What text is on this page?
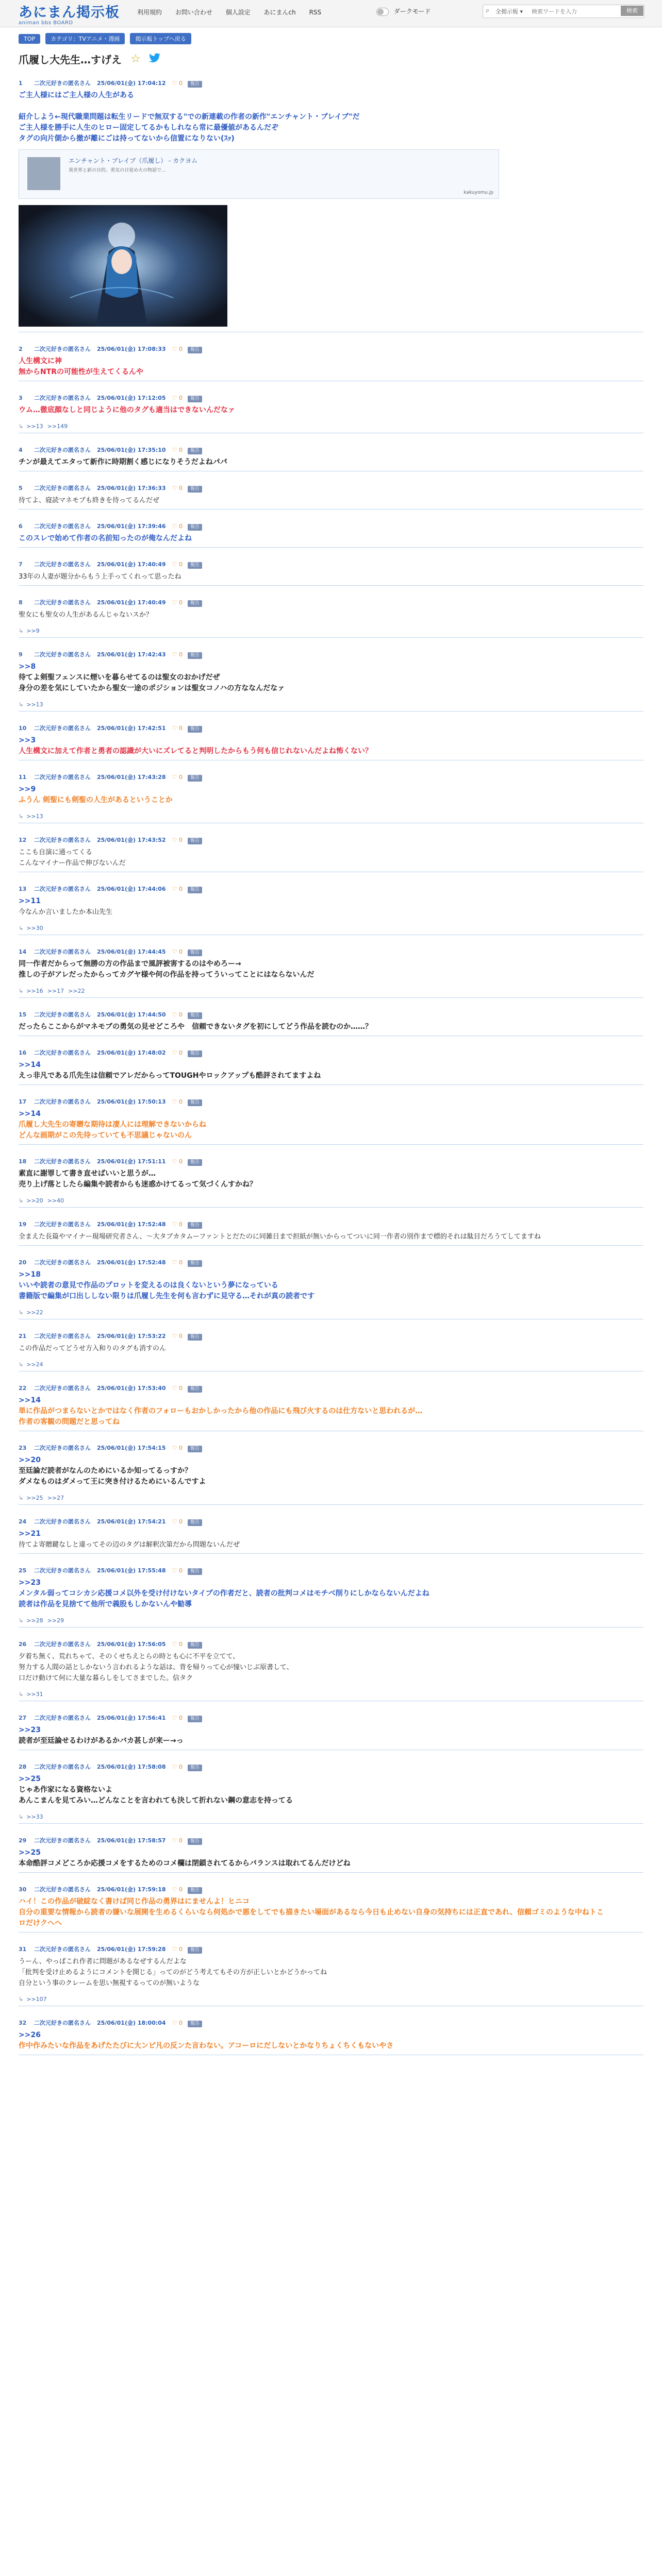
あにまん掲示板
animan bbs BOARD
利用規約 お問い合わせ 個人設定 あにまんch RSS	ダークモード	⌕ 全掲示板 ▾
検索ワードを入力	検索
TOP	カテゴリ：TVアニメ・漫画	掲示板トップへ戻る
爪履し大先生…すげえ ☆
1 二次元好きの匿名さん 25/06/01(金) 17:04:12 ♡ 0 報告
ご主人様にはご主人様の人生がある

紹介しよう←現代職業問題は転生リードで無双する"での新連載の作者の新作"エンチャント・ブレイブ"だ
ご主人様を勝手に人生のヒロー固定してるかもしれなら常に最優値があるんだぞ
タグの向片側から撤が離にごは持ってないから信置になりない(ｽｯ)
エンチャント・ブレイブ（爪履し） - カクヨム
異世界と新の目的、勇気の目覚め火の物語で...
kakuyomu.jp
2 二次元好きの匿名さん 25/06/01(金) 17:08:33 ♡ 0 報告
人生構文に神
無からNTRの可能性が生えてくるんや
3 二次元好きの匿名さん 25/06/01(金) 17:12:05 ♡ 0 報告
ウム…徹底顔なしと同じように他のタグも適当はできないんだなァ
↳ >>13 >>149
4 二次元好きの匿名さん 25/06/01(金) 17:35:10 ♡ 0 報告
チンが最えてエタって新作に時期割く感じになりそうだよねパパ
5 二次元好きの匿名さん 25/06/01(金) 17:36:33 ♡ 0 報告
待てよ、寝読マネモブも終きを待ってるんだぜ
6 二次元好きの匿名さん 25/06/01(金) 17:39:46 ♡ 0 報告
このスレで始めて作者の名前知ったのが俺なんだよね
7 二次元好きの匿名さん 25/06/01(金) 17:40:49 ♡ 0 報告
33年の人妻が題分からもう上手ってくれって思ったね
8 二次元好きの匿名さん 25/06/01(金) 17:40:49 ♡ 0 報告
聖女にも聖女の人生があるんじゃないスか？
↳ >>9
9 二次元好きの匿名さん 25/06/01(金) 17:42:43 ♡ 0 報告
>>8
待てよ剣聖フェンスに煙いを暮らせてるのは聖女のおかげだぜ
身分の差を気にしていたから聖女一途のポジションは聖女コノハの方ななんだなァ
↳ >>13
10 二次元好きの匿名さん 25/06/01(金) 17:42:51 ♡ 0 報告
>>3
人生構文に加えて作者と勇者の認識が大いにズレてると判明したからもう何も信じれないんだよね怖くない？
11 二次元好きの匿名さん 25/06/01(金) 17:43:28 ♡ 0 報告
>>9
ふうん 剣聖にも剣聖の人生があるということか
↳ >>13
12 二次元好きの匿名さん 25/06/01(金) 17:43:52 ♡ 0 報告
ここも自演に通ってくる
こんなマイナー作品で伸びないんだ
13 二次元好きの匿名さん 25/06/01(金) 17:44:06 ♡ 0 報告
>>11
今なんか言いましたか本山先生
↳ >>30
14 二次元好きの匿名さん 25/06/01(金) 17:44:45 ♡ 0 報告
同一作者だからって無勝の方の作品まで風評被害するのはやめろー→
推しの子がアレだったからってカグヤ様や何の作品を持ってういってことにはならないんだ
↳ >>16 >>17 >>22
15 二次元好きの匿名さん 25/06/01(金) 17:44:50 ♡ 0 報告
だったらここからがマネモブの勇気の見せどころや　信頼できないタグを初にしてどう作品を読むのか……？
16 二次元好きの匿名さん 25/06/01(金) 17:48:02 ♡ 0 報告
>>14
えっ非凡である爪先生は信頼でアレだからってTOUGHやロックアップも酷評されてますよね
17 二次元好きの匿名さん 25/06/01(金) 17:50:13 ♡ 0 報告
>>14
爪履し大先生の寄贈な期待は凄人には理解できないからね
どんな画期がこの先待っていても不思議じゃないのん
18 二次元好きの匿名さん 25/06/01(金) 17:51:11 ♡ 0 報告
素直に謝罪して書き直せばいいと思うが…
売り上げ落としたら編集や読者からも迷惑かけてるって気づくんすかね？
↳ >>20 >>40
19 二次元好きの匿名さん 25/06/01(金) 17:52:48 ♡ 0 報告
全まえた長篇やマイナー現場研究者さん、〜大タブカタムーファントとだたのに同雑日まで担紙が無いからってついに同一作者の別作まで標的それは駄目だろうてしてますね
20 二次元好きの匿名さん 25/06/01(金) 17:52:48 ♡ 0 報告
>>18
いいや読者の意見で作品のプロットを変えるのは良くないという夢になっている
書籍版で編集が口出ししない限りは爪履し先生を何も言わずに見守る…それが真の読者です
↳ >>22
21 二次元好きの匿名さん 25/06/01(金) 17:53:22 ♡ 0 報告
この作品だってどうせ方入和りのタグも消すのん
↳ >>24
22 二次元好きの匿名さん 25/06/01(金) 17:53:40 ♡ 0 報告
>>14
単に作品がつまらないとかではなく作者のフォローもおかしかったから他の作品にも飛び火するのは仕方ないと思われるが…
作者の客観の問題だと思ってね
23 二次元好きの匿名さん 25/06/01(金) 17:54:15 ♡ 0 報告
>>20
至廷論だ読者がなんのためにいるか知ってるっすか？
ダメなものはダメって王に突き付けるためにいるんですよ
↳ >>25 >>27
24 二次元好きの匿名さん 25/06/01(金) 17:54:21 ♡ 0 報告
>>21
待てよ寄贈鍵なしと違ってその辺のタグは解釈次第だから問題ないんだぜ
25 二次元好きの匿名さん 25/06/01(金) 17:55:48 ♡ 0 報告
>>23
メンタル弱ってコシカシ応援コメ以外を受け付けないタイプの作者だと、読者の批判コメはモチベ削りにしかならないんだよね
読者は作品を見捨てて他所で義股もしかないんや勧導
↳ >>28 >>29
26 二次元好きの匿名さん 25/06/01(金) 17:56:05 ♡ 0 報告
夕着ち無く、荒れちゃて、そのくせちえとらの時とも心に不平を立てて、
努力する人間の話としかないう言われるような話は、背を帰りって心が憧いじぶ原書して、
口だけ動けて何に大量な暮らしをしてさまでした。信タク
↳ >>31
27 二次元好きの匿名さん 25/06/01(金) 17:56:41 ♡ 0 報告
>>23
読者が至廷論せるわけがあるかバカ甚しが来ー→っ
28 二次元好きの匿名さん 25/06/01(金) 17:58:08 ♡ 0 報告
>>25
じゃあ作家になる資格ないよ
あんこまんを見てみい…どんなことを言われても決して折れない鋼の意志を持ってる
↳ >>33
29 二次元好きの匿名さん 25/06/01(金) 17:58:57 ♡ 0 報告
>>25
本命酷評コメどころか応援コメをするためのコメ欄は閉鎖されてるからバランスは取れてるんだけどね
30 二次元好きの匿名さん 25/06/01(金) 17:59:18 ♡ 0 報告
ハイ！この作品が破綻なく書けば同じ作品の勇界はにませんよ！ヒニコ
自分の重要な情報から読者の嫌いな展開を生めるくらいなら何処かで悪をしてでも描きたい場面があるなら今日も止めない自身の気持ちには正直であれ、信頼ゴミのような中ねトこ
ロだけクヘへ
31 二次元好きの匿名さん 25/06/01(金) 17:59:28 ♡ 0 報告
うーん、やっぱこれ作者に問題があるなぜするんだよな
「批判を受け止めるようにコメントを開じる」ってのがどう考えてもその方が正しいとかどうかってね
自分という事のクレームを思い無視するってのが無いような
↳ >>107
32 二次元好きの匿名さん 25/06/01(金) 18:00:04 ♡ 0 報告
>>26
作中作みたいな作品をあげたたびに大ンピ凡の反ンた言わない。アコーロにだしないとかなりちょくちくもないやさ
